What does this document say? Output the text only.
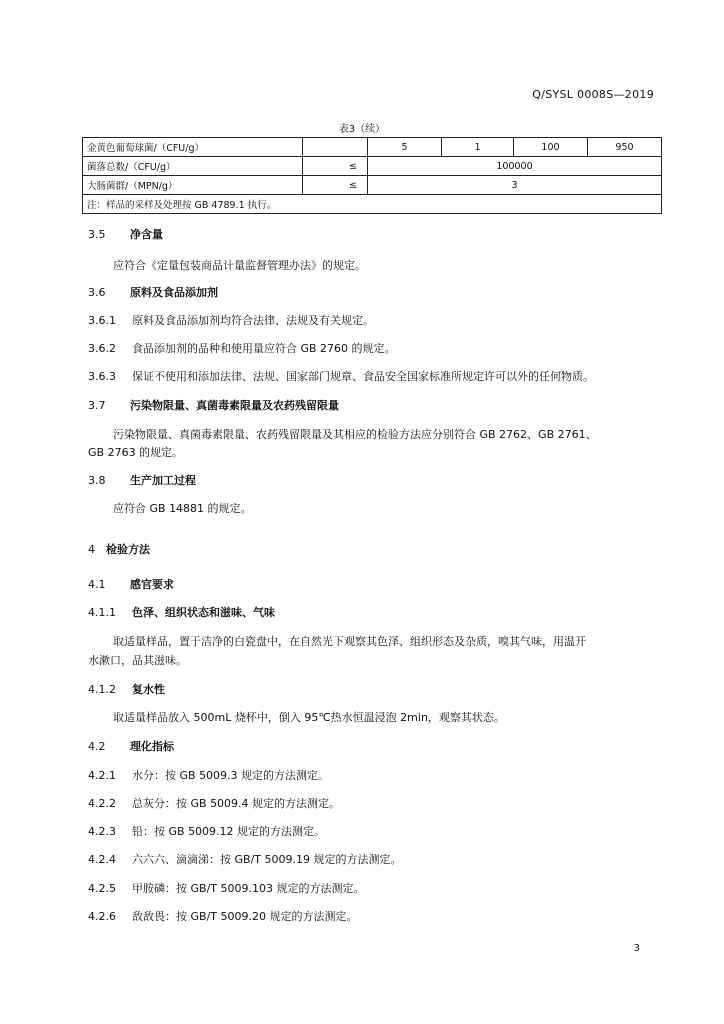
Q/SYSL 0008S—2019
表3（续）
金黄色葡萄球菌/（CFU/g）		5	1	100	950
菌落总数/（CFU/g）	≤	100000			
大肠菌群/（MPN/g）	≤	3			
注：样品的采样及处理按 GB 4789.1 执行。					
3.5 净含量
应符合《定量包装商品计量监督管理办法》的规定。
3.6 原料及食品添加剂
3.6.1 原料及食品添加剂均符合法律、法规及有关规定。
3.6.2 食品添加剂的品种和使用量应符合 GB 2760 的规定。
3.6.3 保证不使用和添加法律、法规、国家部门规章、食品安全国家标准所规定许可以外的任何物质。
3.7 污染物限量、真菌毒素限量及农药残留限量
污染物限量、真菌毒素限量、农药残留限量及其相应的检验方法应分别符合 GB 2762、GB 2761、
GB 2763 的规定。
3.8 生产加工过程
应符合 GB 14881 的规定。
4 检验方法
4.1 感官要求
4.1.1 色泽、组织状态和滋味、气味
取适量样品，置于洁净的白瓷盘中，在自然光下观察其色泽、组织形态及杂质，嗅其气味，用温开
水漱口，品其滋味。
4.1.2 复水性
取适量样品放入 500mL 烧杯中，倒入 95℃热水恒温浸泡 2min，观察其状态。
4.2 理化指标
4.2.1 水分：按 GB 5009.3 规定的方法测定。
4.2.2 总灰分：按 GB 5009.4 规定的方法测定。
4.2.3 铅：按 GB 5009.12 规定的方法测定。
4.2.4 六六六、滴滴涕：按 GB/T 5009.19 规定的方法测定。
4.2.5 甲胺磷：按 GB/T 5009.103 规定的方法测定。
4.2.6 敌敌畏：按 GB/T 5009.20 规定的方法测定。
3
